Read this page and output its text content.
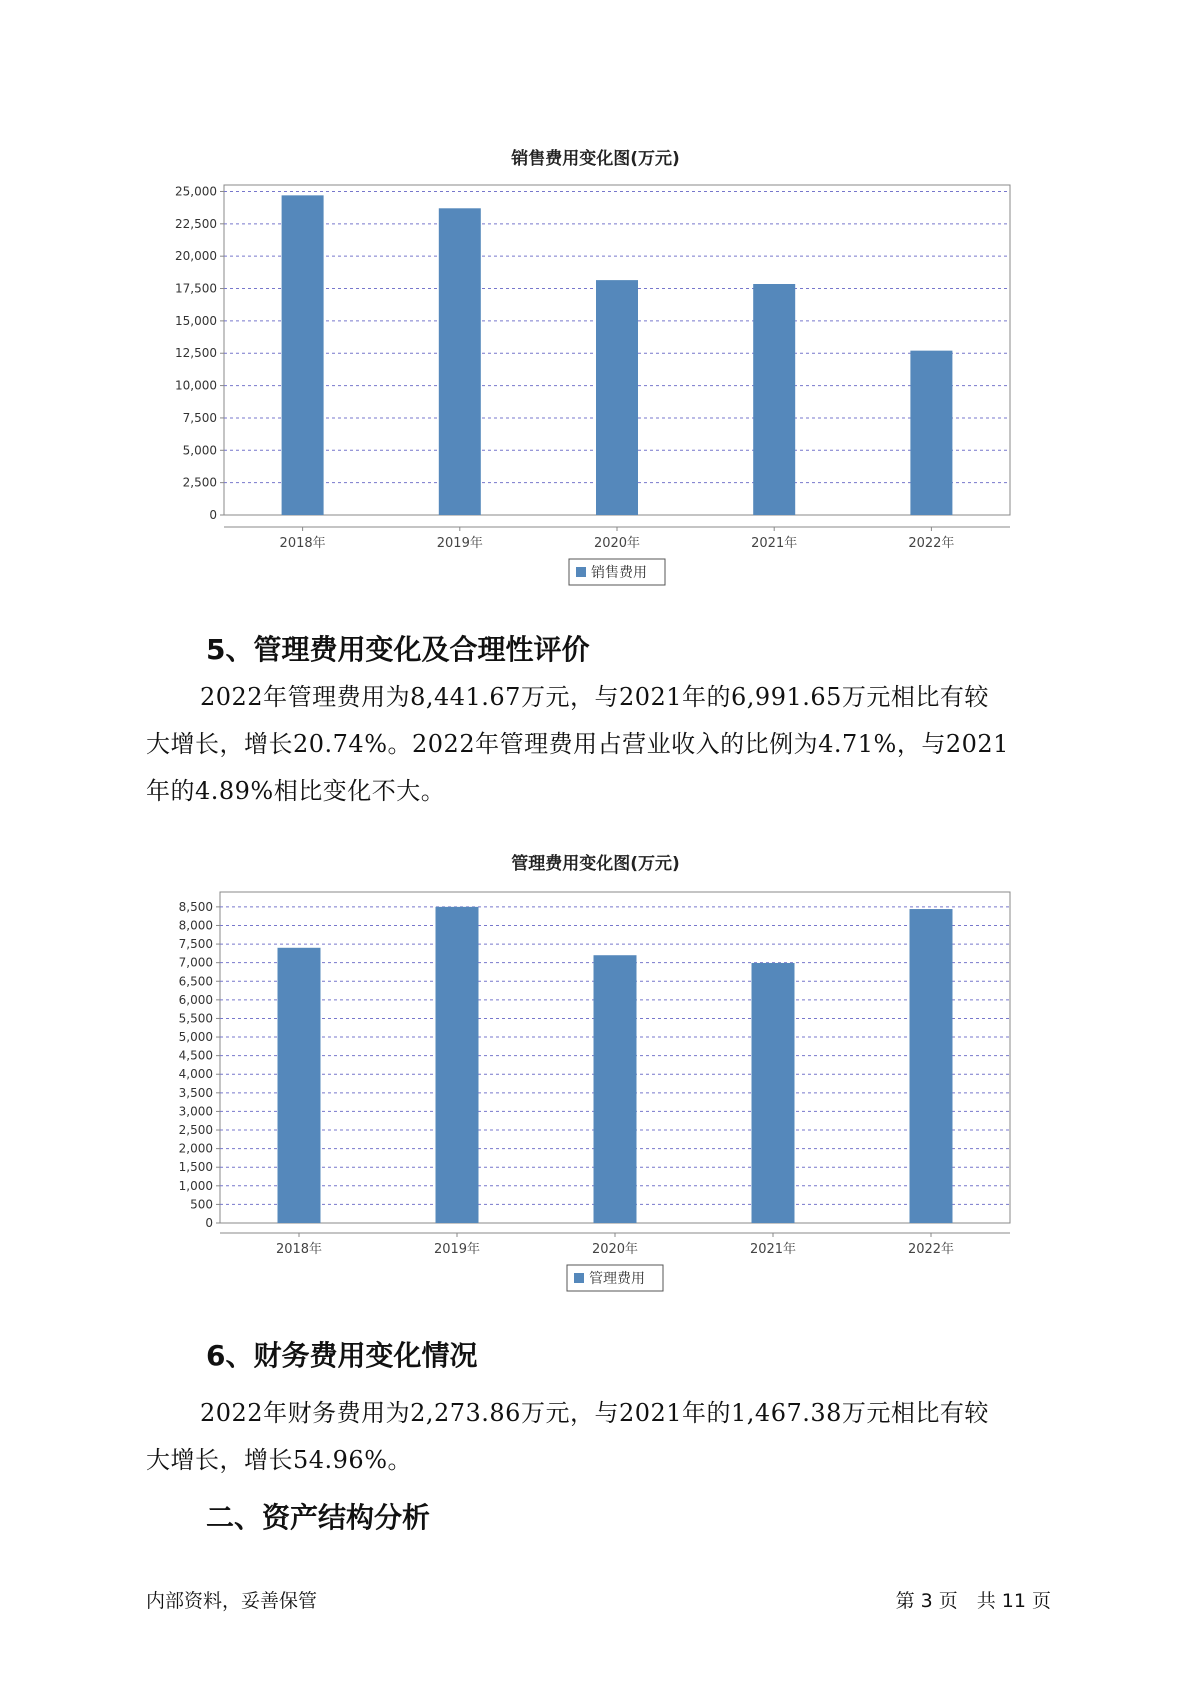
销售费用变化图(万元)
0
2,500
5,000
7,500
10,000
12,500
15,000
17,500
20,000
22,500
25,000
2018年	2019年	2020年	2021年	2022年
销售费用
5、管理费用变化及合理性评价
2022年管理费用为8,441.67万元，与2021年的6,991.65万元相比有较
大增长，增长20.74%。2022年管理费用占营业收入的比例为4.71%，与2021
年的4.89%相比变化不大。
管理费用变化图(万元)
0
500
1,000
1,500
2,000
2,500
3,000
3,500
4,000
4,500
5,000
5,500
6,000
6,500
7,000
7,500
8,000
8,500
2018年	2019年	2020年	2021年	2022年
管理费用
6、财务费用变化情况
2022年财务费用为2,273.86万元，与2021年的1,467.38万元相比有较
大增长，增长54.96%。
二、资产结构分析
内部资料，妥善保管	第 3 页　共 11 页
